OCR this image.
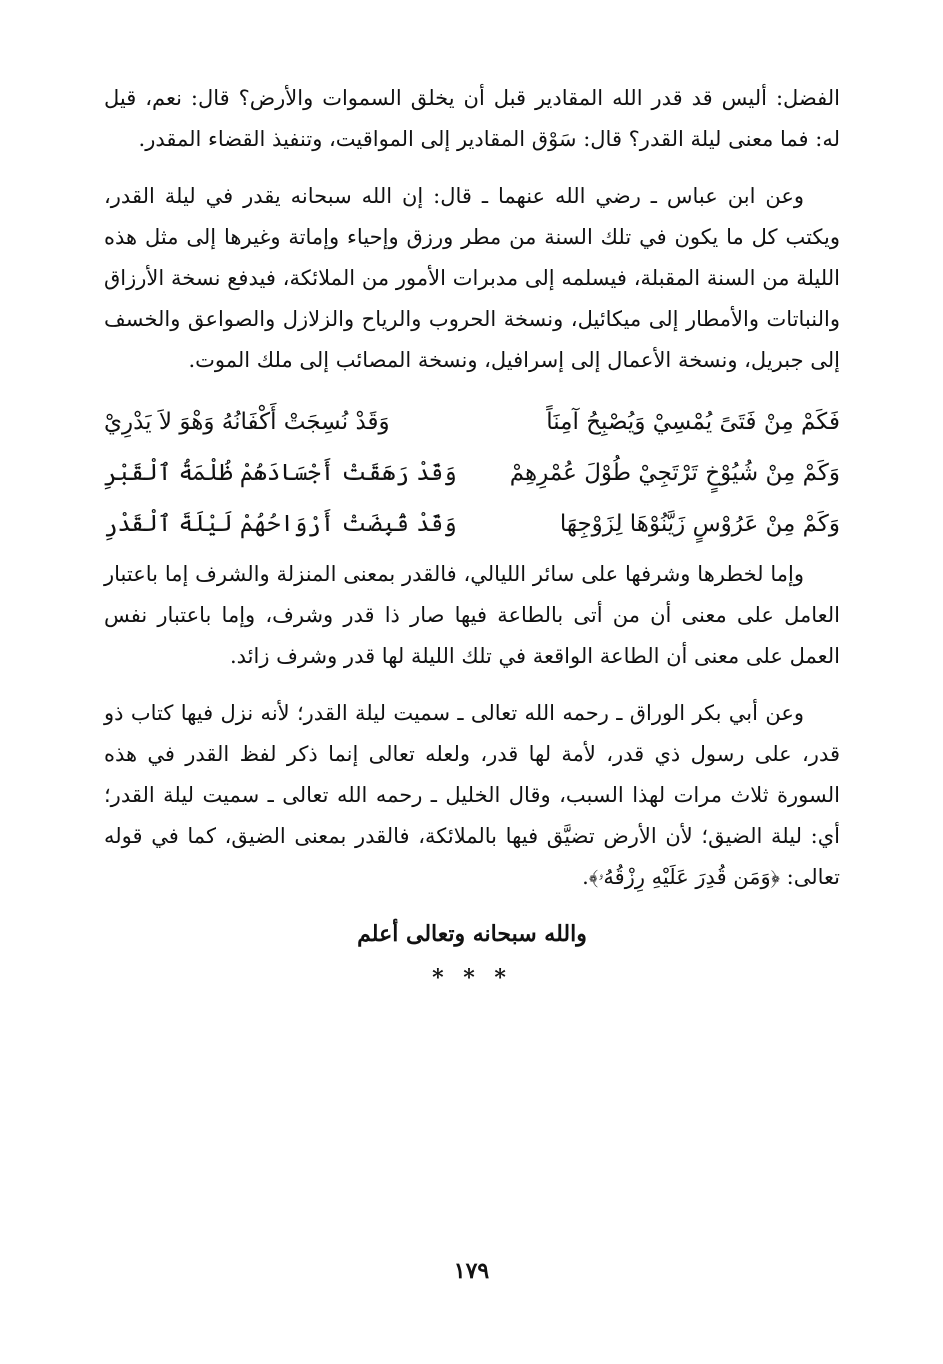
الفضل: أليس قد قدر الله المقادير قبل أن يخلق السموات والأرض؟ قال: نعم، قيل له: فما معنى ليلة القدر؟ قال: سَوْق المقادير إلى المواقيت، وتنفيذ القضاء المقدر.

وعن ابن عباس ـ رضي الله عنهما ـ قال: إن الله سبحانه يقدر في ليلة القدر، ويكتب كل ما يكون في تلك السنة من مطر ورزق وإحياء وإماتة وغيرها إلى مثل هذه الليلة من السنة المقبلة، فيسلمه إلى مدبرات الأمور من الملائكة، فيدفع نسخة الأرزاق والنباتات والأمطار إلى ميكائيل، ونسخة الحروب والرياح والزلازل والصواعق والخسف إلى جبريل، ونسخة الأعمال إلى إسرافيل، ونسخة المصائب إلى ملك الموت.

فَكَمْ مِنْ فَتَىً يُمْسِيْ وَيُصْبِحُ آمِنَاً
وَقَدْ نُسِجَتْ أَكْفَانُهُ وَهْوَ لاَ يَدْرِيْ
وَكَمْ مِنْ شُيُوْخٍ تَرْتَجِيْ طُوْلَ عُمْرِهِمْ
وَقَدْ رَهَقَتْ أَجْسَادَهُمْ ظُلْمَةُ ٱلْقَبْرِ
وَكَمْ مِنْ عَرُوْسٍ زَيَّنُوْهَا لِزَوْجِهَا
وَقَدْ قُبِضَتْ أَرْوَاحُهُمْ لَيْلَةَ ٱلْقَدْرِ

وإما لخطرها وشرفها على سائر الليالي، فالقدر بمعنى المنزلة والشرف إما باعتبار العامل على معنى أن من أتى بالطاعة فيها صار ذا قدر وشرف، وإما باعتبار نفس العمل على معنى أن الطاعة الواقعة في تلك الليلة لها قدر وشرف زائد.

وعن أبي بكر الوراق ـ رحمه الله تعالى ـ سميت ليلة القدر؛ لأنه نزل فيها كتاب ذو قدر، على رسول ذي قدر، لأمة لها قدر، ولعله تعالى إنما ذكر لفظ القدر في هذه السورة ثلاث مرات لهذا السبب، وقال الخليل ـ رحمه الله تعالى ـ سميت ليلة القدر؛ أي: ليلة الضيق؛ لأن الأرض تضيَّق فيها بالملائكة، فالقدر بمعنى الضيق، كما في قوله تعالى: ﴿وَمَن قُدِرَ عَلَيْهِ رِزْقُهُۥ﴾.

والله سبحانه وتعالى أعلم
* * *
١٧٩
